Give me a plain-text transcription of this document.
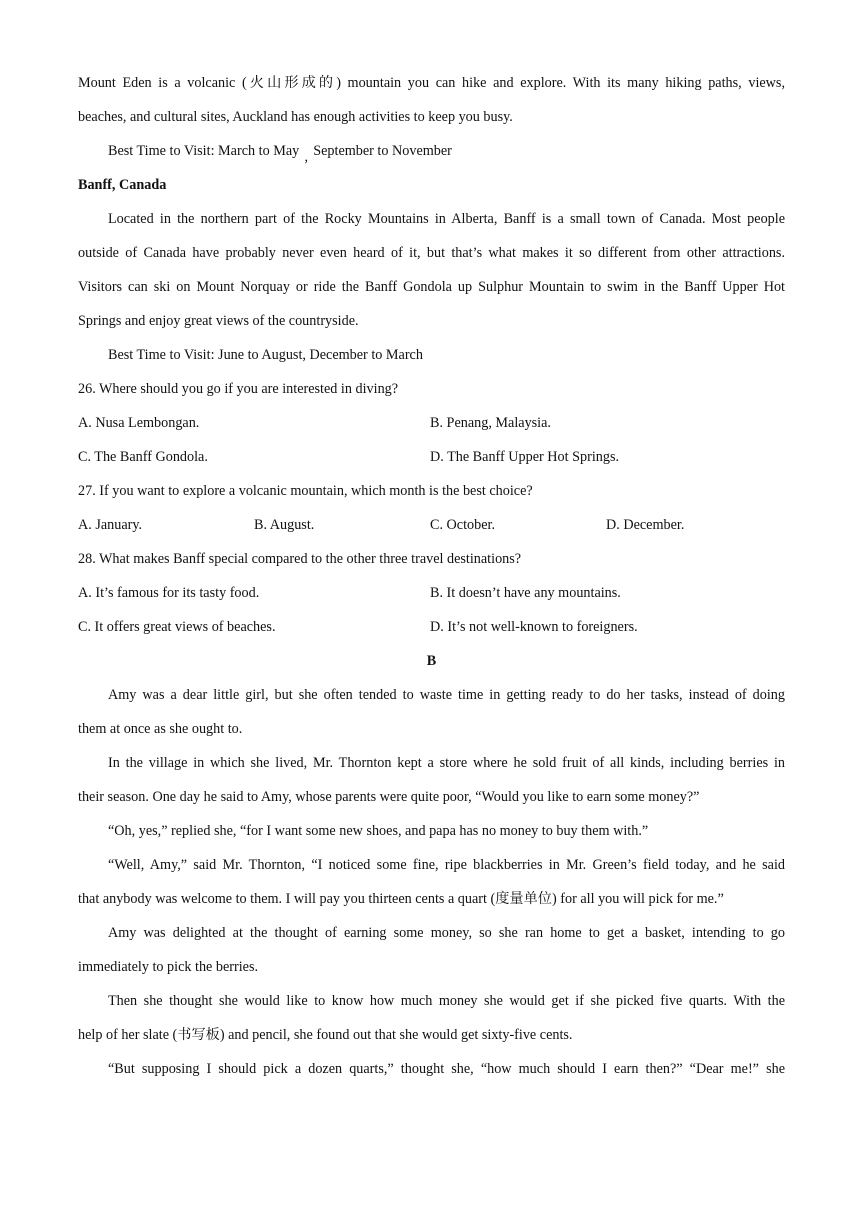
Mount Eden is a volcanic (火山形成的) mountain you can hike and explore. With its many hiking paths, views,
beaches, and cultural sites, Auckland has enough activities to keep you busy.
Best Time to Visit: March to May , September to November
Banff, Canada
Located in the northern part of the Rocky Mountains in Alberta, Banff is a small town of Canada. Most people
outside of Canada have probably never even heard of it, but that’s what makes it so different from other attractions.
Visitors can ski on Mount Norquay or ride the Banff Gondola up Sulphur Mountain to swim in the Banff Upper Hot
Springs and enjoy great views of the countryside.
Best Time to Visit: June to August, December to March
26. Where should you go if you are interested in diving?
A. Nusa Lembongan.	B. Penang, Malaysia.
C. The Banff Gondola.	D. The Banff Upper Hot Springs.
27. If you want to explore a volcanic mountain, which month is the best choice?
A. January.	B. August.	C. October.	D. December.
28. What makes Banff special compared to the other three travel destinations?
A. It’s famous for its tasty food.	B. It doesn’t have any mountains.
C. It offers great views of beaches.	D. It’s not well-known to foreigners.
B
Amy was a dear little girl, but she often tended to waste time in getting ready to do her tasks, instead of doing
them at once as she ought to.
In the village in which she lived, Mr. Thornton kept a store where he sold fruit of all kinds, including berries in
their season. One day he said to Amy, whose parents were quite poor, “Would you like to earn some money?”
“Oh, yes,” replied she, “for I want some new shoes, and papa has no money to buy them with.”
“Well, Amy,” said Mr. Thornton, “I noticed some fine, ripe blackberries in Mr. Green’s field today, and he said
that anybody was welcome to them. I will pay you thirteen cents a quart (度量单位) for all you will pick for me.”
Amy was delighted at the thought of earning some money, so she ran home to get a basket, intending to go
immediately to pick the berries.
Then she thought she would like to know how much money she would get if she picked five quarts. With the
help of her slate (书写板) and pencil, she found out that she would get sixty-five cents.
“But supposing I should pick a dozen quarts,” thought she, “how much should I earn then?” “Dear me!” she
